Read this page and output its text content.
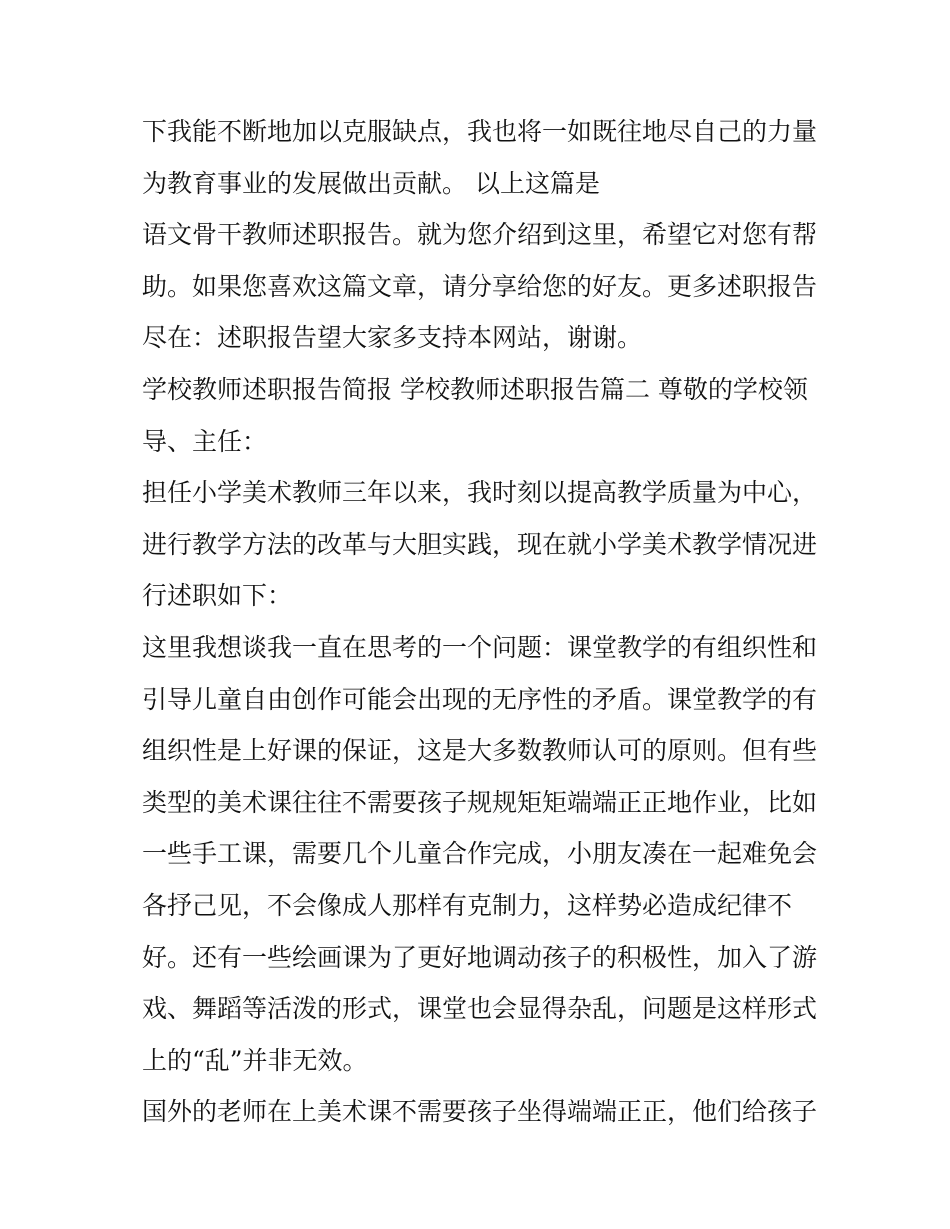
下我能不断地加以克服缺点，我也将一如既往地尽自己的力量
为教育事业的发展做出贡献。 以上这篇是
语文骨干教师述职报告。就为您介绍到这里，希望它对您有帮
助。如果您喜欢这篇文章，请分享给您的好友。更多述职报告
尽在：述职报告望大家多支持本网站，谢谢。
学校教师述职报告简报 学校教师述职报告篇二 尊敬的学校领
导、主任：
担任小学美术教师三年以来，我时刻以提高教学质量为中心，
进行教学方法的改革与大胆实践，现在就小学美术教学情况进
行述职如下：
这里我想谈我一直在思考的一个问题：课堂教学的有组织性和
引导儿童自由创作可能会出现的无序性的矛盾。课堂教学的有
组织性是上好课的保证，这是大多数教师认可的原则。但有些
类型的美术课往往不需要孩子规规矩矩端端正正地作业，比如
一些手工课，需要几个儿童合作完成，小朋友凑在一起难免会
各抒己见，不会像成人那样有克制力，这样势必造成纪律不
好。还有一些绘画课为了更好地调动孩子的积极性，加入了游
戏、舞蹈等活泼的形式，课堂也会显得杂乱，问题是这样形式
上的“乱”并非无效。
国外的老师在上美术课不需要孩子坐得端端正正，他们给孩子
